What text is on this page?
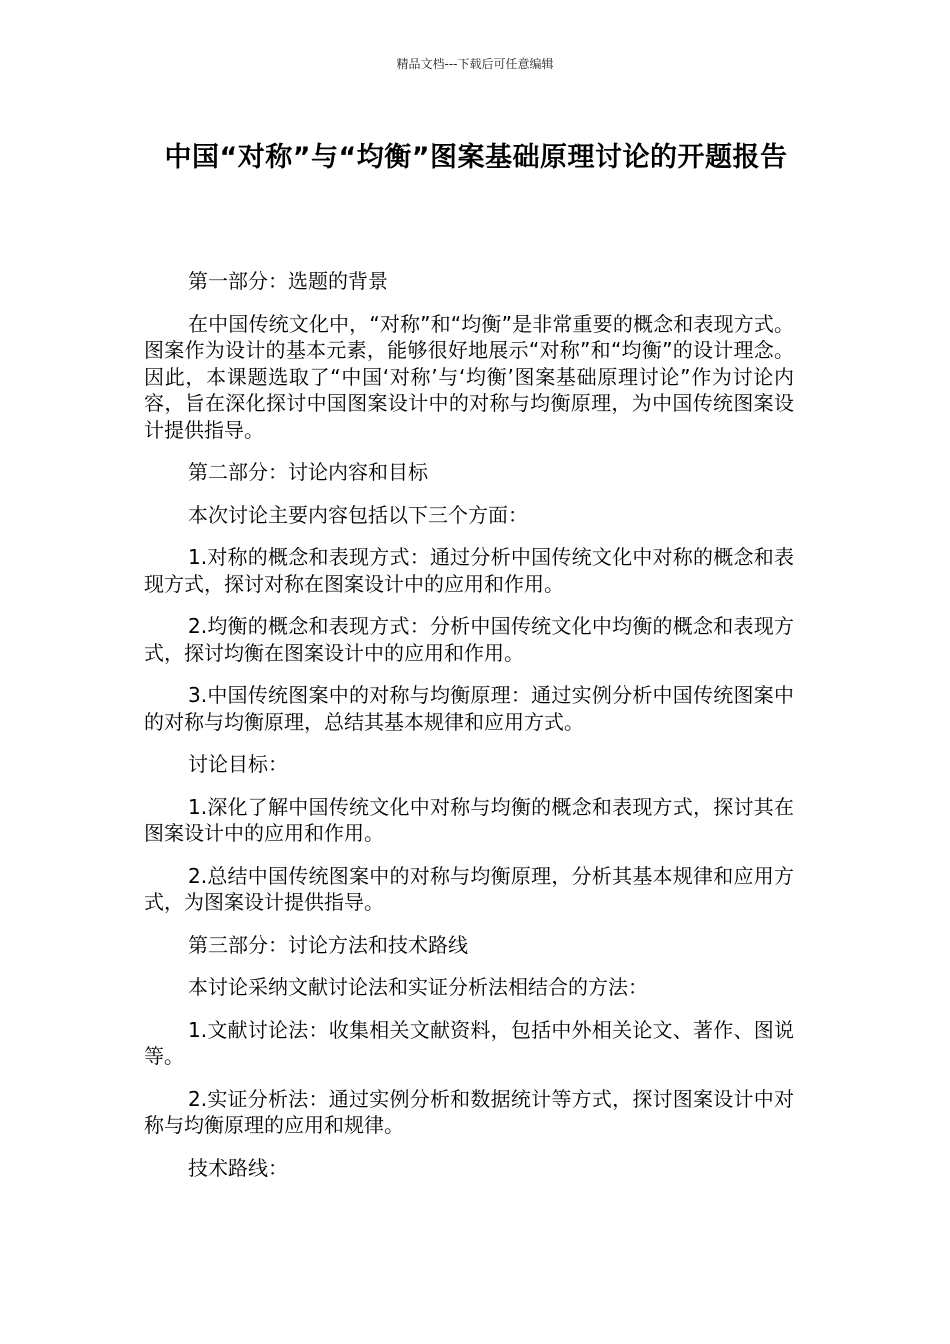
精品文档---下载后可任意编辑
中国“对称”与“均衡”图案基础原理讨论的开题报告

第一部分：选题的背景

在中国传统文化中，“对称”和“均衡”是非常重要的概念和表现方式。图案作为设计的基本元素，能够很好地展示“对称”和“均衡”的设计理念。因此，本课题选取了“中国‘对称’与‘均衡’图案基础原理讨论”作为讨论内容，旨在深化探讨中国图案设计中的对称与均衡原理，为中国传统图案设计提供指导。

第二部分：讨论内容和目标

本次讨论主要内容包括以下三个方面：

1.对称的概念和表现方式：通过分析中国传统文化中对称的概念和表现方式，探讨对称在图案设计中的应用和作用。

2.均衡的概念和表现方式：分析中国传统文化中均衡的概念和表现方式，探讨均衡在图案设计中的应用和作用。

3.中国传统图案中的对称与均衡原理：通过实例分析中国传统图案中的对称与均衡原理，总结其基本规律和应用方式。

讨论目标：

1.深化了解中国传统文化中对称与均衡的概念和表现方式，探讨其在图案设计中的应用和作用。

2.总结中国传统图案中的对称与均衡原理，分析其基本规律和应用方式，为图案设计提供指导。

第三部分：讨论方法和技术路线

本讨论采纳文献讨论法和实证分析法相结合的方法：

1.文献讨论法：收集相关文献资料，包括中外相关论文、著作、图说等。

2.实证分析法：通过实例分析和数据统计等方式，探讨图案设计中对称与均衡原理的应用和规律。

技术路线：
